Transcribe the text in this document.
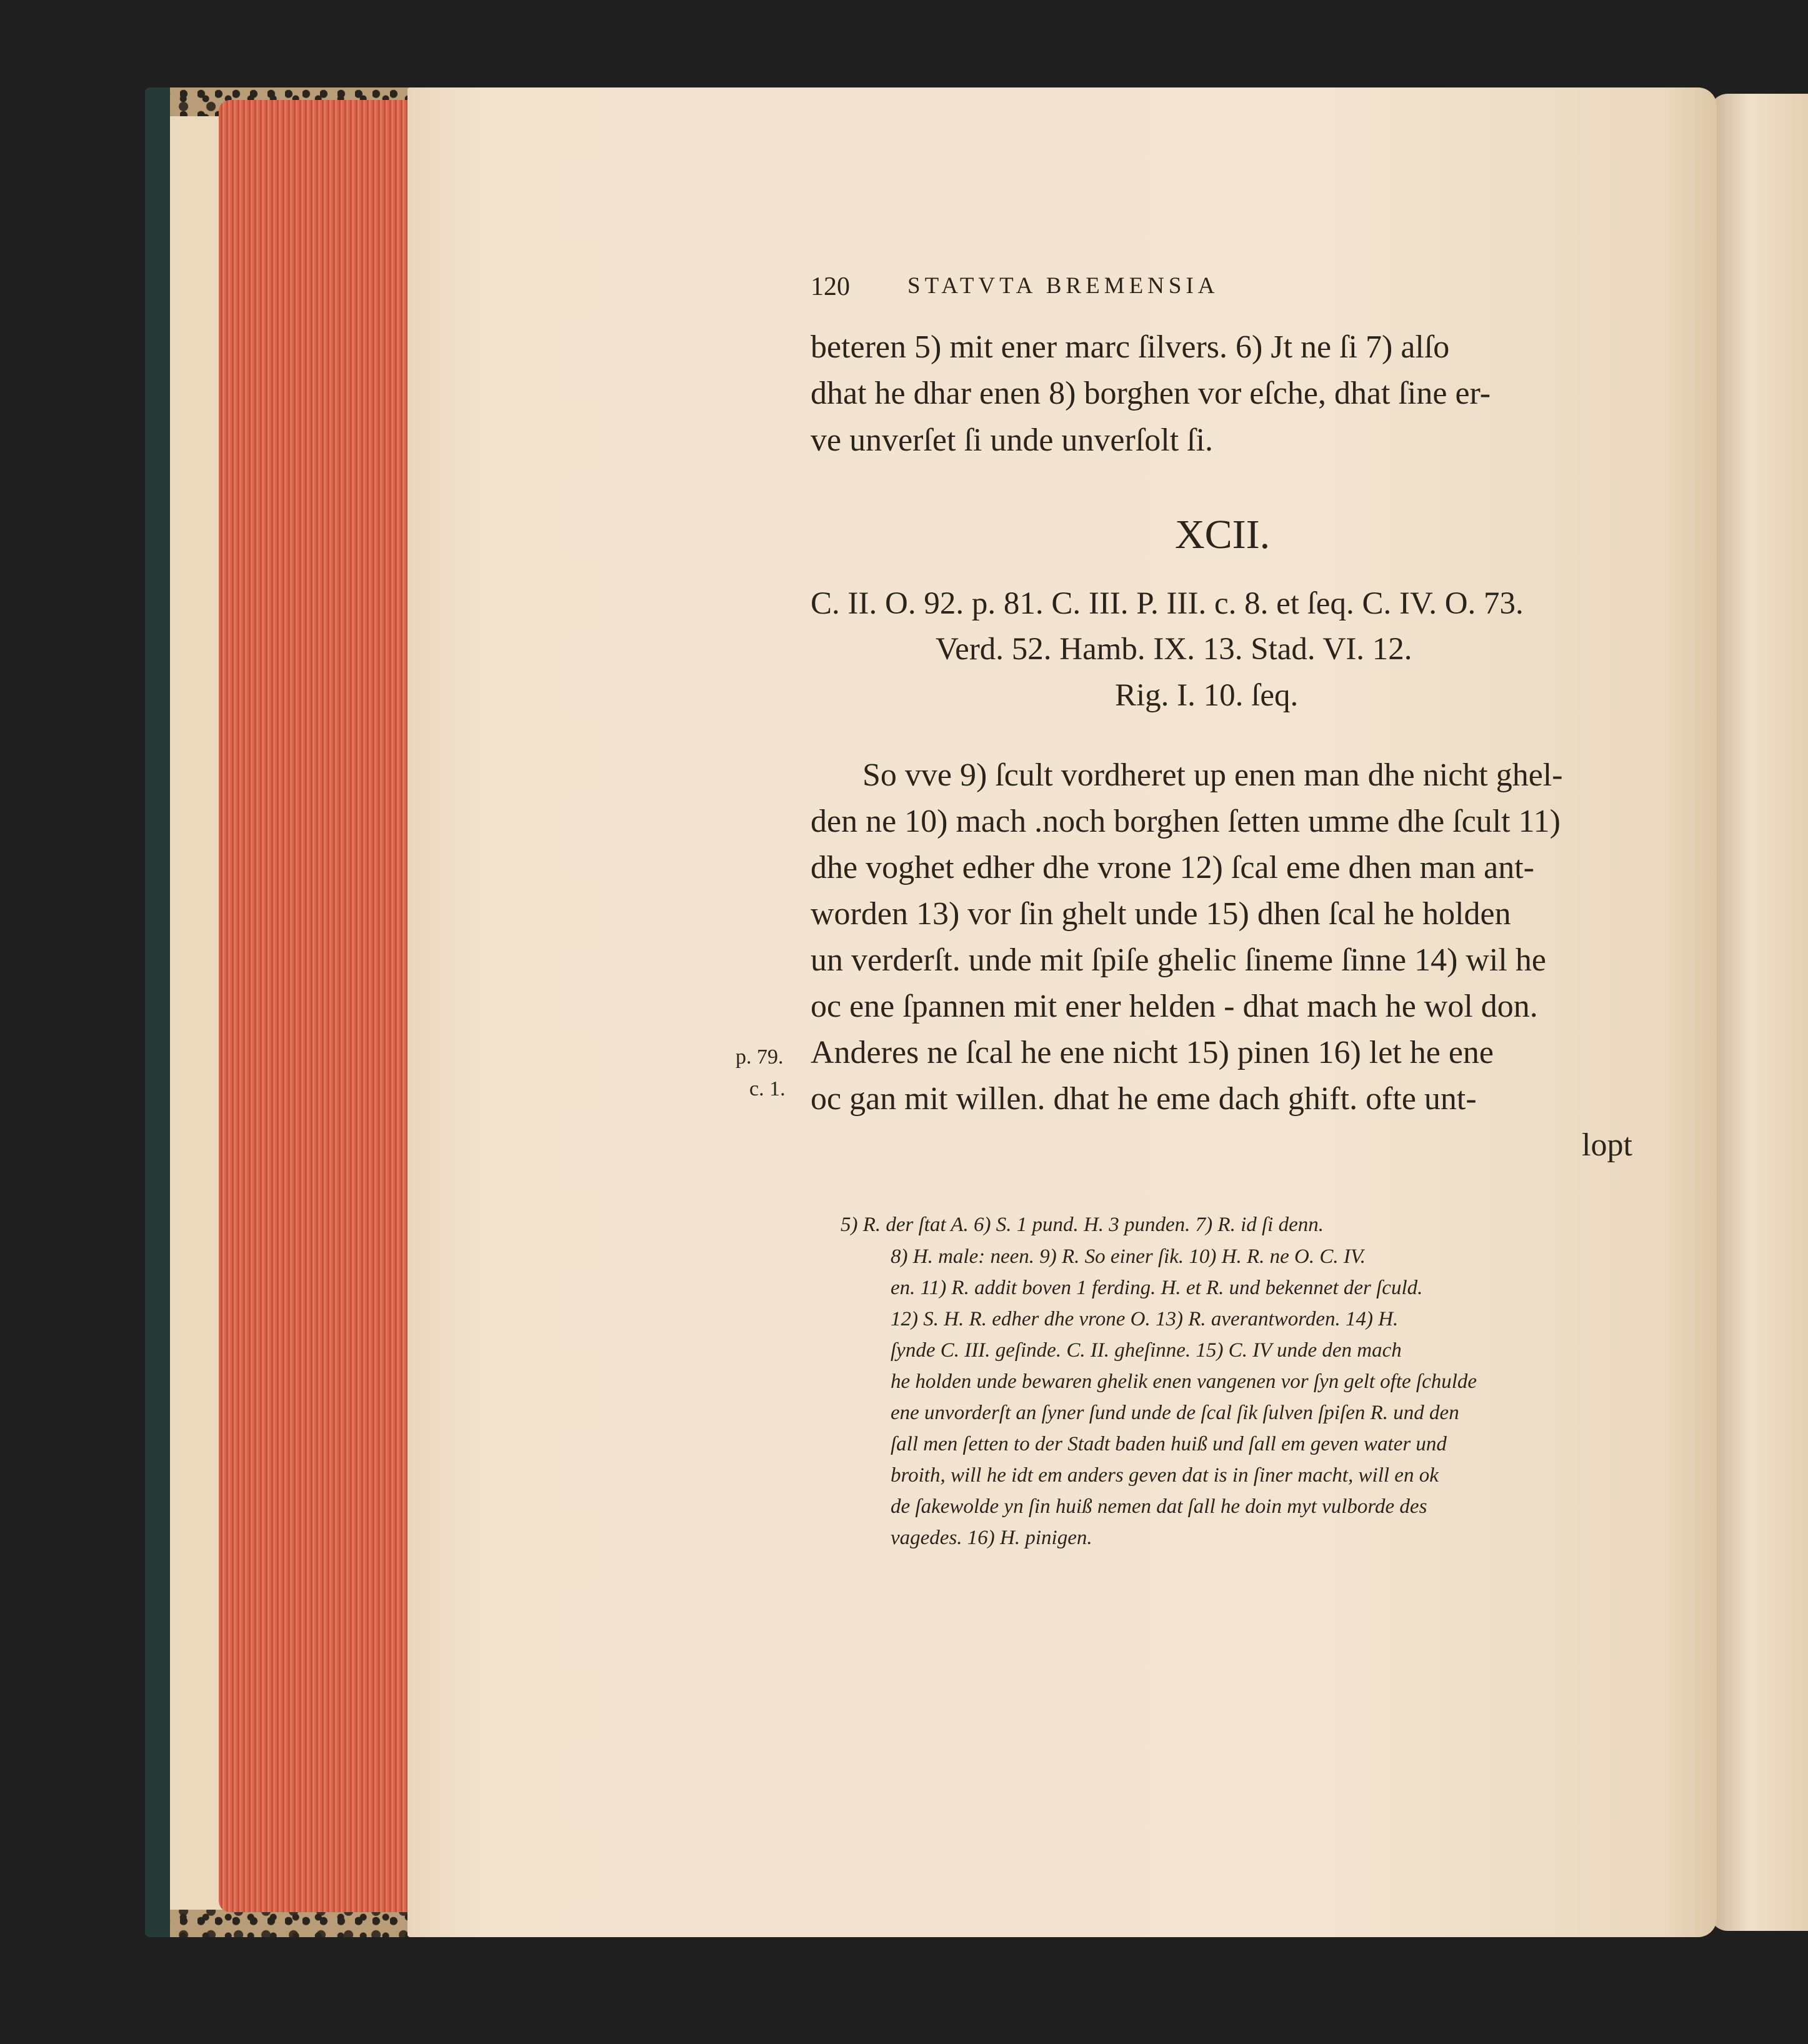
120 STATVTA BREMENSIA
beteren 5) mit ener marc ſilvers. 6) Jt ne ſi 7) alſo
dhat he dhar enen 8) borghen vor eſche, dhat ſine er-
ve unverſet ſi unde unverſolt ſi.
XCII.
C. II. O. 92. p. 81. C. III. P. III. c. 8. et ſeq. C. IV. O. 73.
Verd. 52. Hamb. IX. 13. Stad. VI. 12.
Rig. I. 10. ſeq.
So vve 9) ſcult vordheret up enen man dhe nicht ghel-
den ne 10) mach .noch borghen ſetten umme dhe ſcult 11)
dhe voghet edher dhe vrone 12) ſcal eme dhen man ant-
worden 13) vor ſin ghelt unde 15) dhen ſcal he holden
un verderſt. unde mit ſpiſe ghelic ſineme ſinne 14) wil he
oc ene ſpannen mit ener helden - dhat mach he wol don.
Anderes ne ſcal he ene nicht 15) pinen 16) let he ene
oc gan mit willen. dhat he eme dach ghift. ofte unt-
lopt
p. 79.
c. 1.
5) R. der ſtat A. 6) S. 1 pund. H. 3 punden. 7) R. id ſi denn.
8) H. male: neen. 9) R. So einer ſik. 10) H. R. ne O. C. IV.
en. 11) R. addit boven 1 ferding. H. et R. und bekennet der ſculd.
12) S. H. R. edher dhe vrone O. 13) R. averantworden. 14) H.
ſynde C. III. geſinde. C. II. gheſinne. 15) C. IV unde den mach
he holden unde bewaren ghelik enen vangenen vor ſyn gelt ofte ſchulde
ene unvorderſt an ſyner ſund unde de ſcal ſik ſulven ſpiſen R. und den
ſall men ſetten to der Stadt baden huiß und ſall em geven water und
broith, will he idt em anders geven dat is in ſiner macht, will en ok
de ſakewolde yn ſin huiß nemen dat ſall he doin myt vulborde des
vagedes. 16) H. pinigen.
